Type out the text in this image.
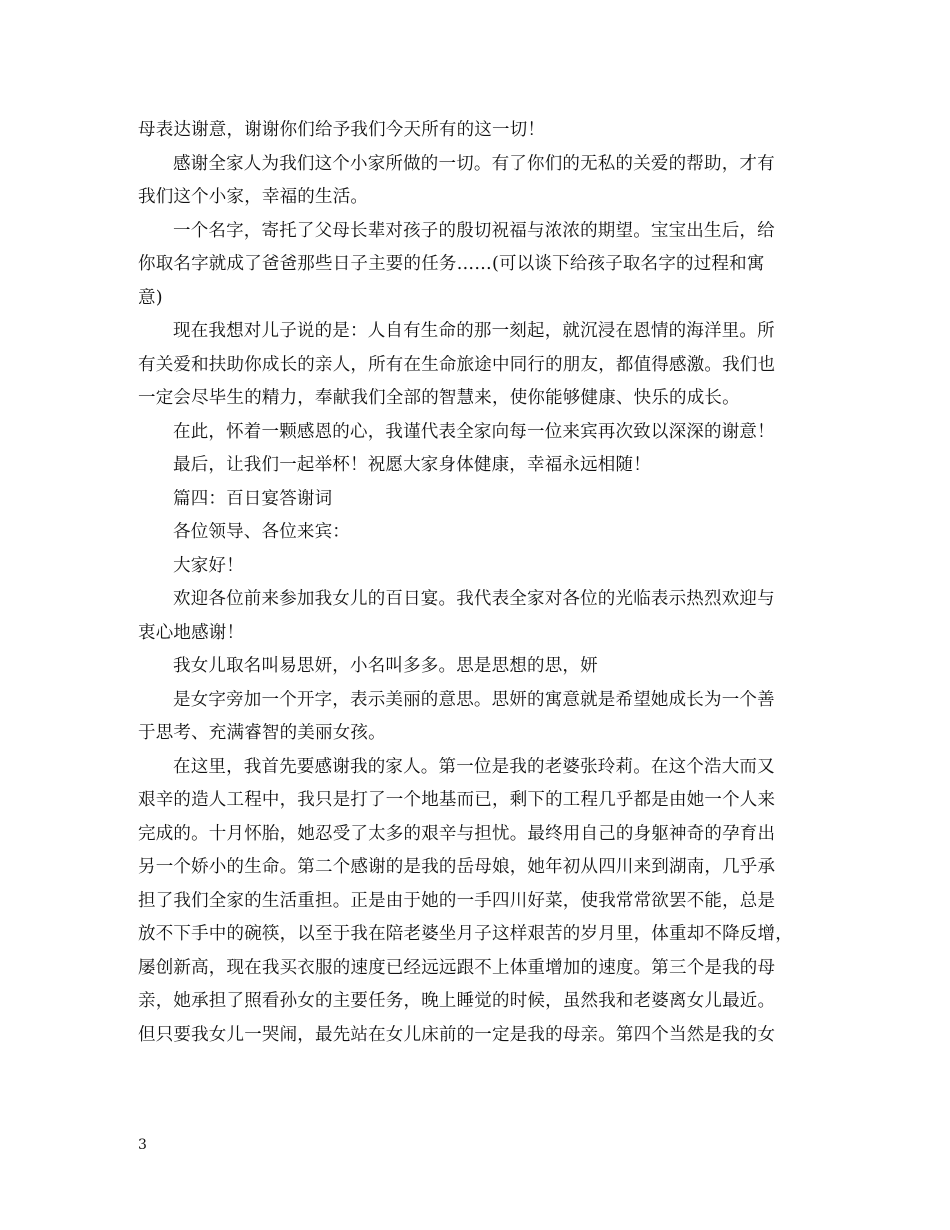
母表达谢意，谢谢你们给予我们今天所有的这一切！
感谢全家人为我们这个小家所做的一切。有了你们的无私的关爱的帮助，才有
我们这个小家，幸福的生活。
一个名字，寄托了父母长辈对孩子的殷切祝福与浓浓的期望。宝宝出生后，给
你取名字就成了爸爸那些日子主要的任务……(可以谈下给孩子取名字的过程和寓
意)
现在我想对儿子说的是：人自有生命的那一刻起，就沉浸在恩情的海洋里。所
有关爱和扶助你成长的亲人，所有在生命旅途中同行的朋友，都值得感激。我们也
一定会尽毕生的精力，奉献我们全部的智慧来，使你能够健康、快乐的成长。
在此，怀着一颗感恩的心，我谨代表全家向每一位来宾再次致以深深的谢意！
最后，让我们一起举杯！祝愿大家身体健康，幸福永远相随！
篇四：百日宴答谢词
各位领导、各位来宾：
大家好！
欢迎各位前来参加我女儿的百日宴。我代表全家对各位的光临表示热烈欢迎与
衷心地感谢！
我女儿取名叫易思妍，小名叫多多。思是思想的思，妍
是女字旁加一个开字，表示美丽的意思。思妍的寓意就是希望她成长为一个善
于思考、充满睿智的美丽女孩。
在这里，我首先要感谢我的家人。第一位是我的老婆张玲莉。在这个浩大而又
艰辛的造人工程中，我只是打了一个地基而已，剩下的工程几乎都是由她一个人来
完成的。十月怀胎，她忍受了太多的艰辛与担忧。最终用自己的身躯神奇的孕育出
另一个娇小的生命。第二个感谢的是我的岳母娘，她年初从四川来到湖南，几乎承
担了我们全家的生活重担。正是由于她的一手四川好菜，使我常常欲罢不能，总是
放不下手中的碗筷，以至于我在陪老婆坐月子这样艰苦的岁月里，体重却不降反增，
屡创新高，现在我买衣服的速度已经远远跟不上体重增加的速度。第三个是我的母
亲，她承担了照看孙女的主要任务，晚上睡觉的时候，虽然我和老婆离女儿最近。
但只要我女儿一哭闹，最先站在女儿床前的一定是我的母亲。第四个当然是我的女
3
